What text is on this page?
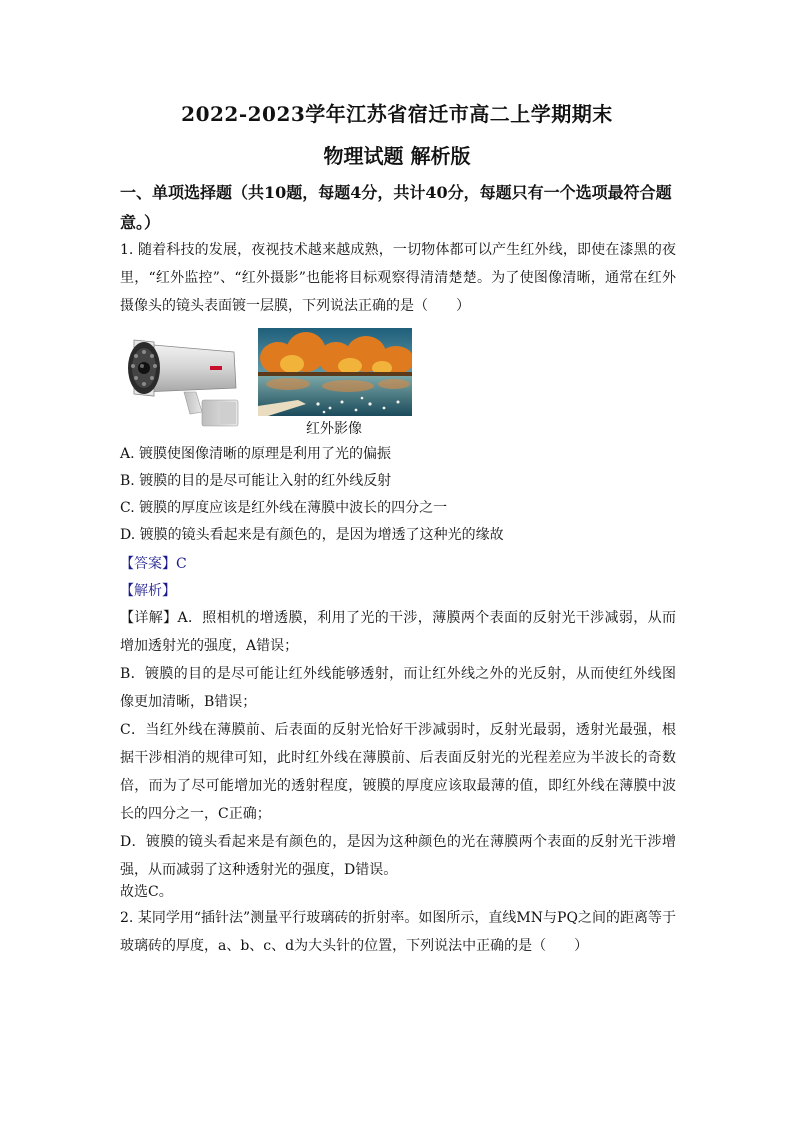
2022-2023学年江苏省宿迁市高二上学期期末
物理试题 解析版
一、单项选择题（共10题，每题4分，共计40分，每题只有一个选项最符合题意。）
1. 随着科技的发展，夜视技术越来越成熟，一切物体都可以产生红外线，即使在漆黑的夜里，“红外监控”、“红外摄影”也能将目标观察得清清楚楚。为了使图像清晰，通常在红外摄像头的镜头表面镀一层膜，下列说法正确的是（　　）
红外影像
A. 镀膜使图像清晰的原理是利用了光的偏振
B. 镀膜的目的是尽可能让入射的红外线反射
C. 镀膜的厚度应该是红外线在薄膜中波长的四分之一
D. 镀膜的镜头看起来是有颜色的，是因为增透了这种光的缘故
【答案】C
【解析】
【详解】A．照相机的增透膜，利用了光的干涉，薄膜两个表面的反射光干涉减弱，从而增加透射光的强度，A错误；
B．镀膜的目的是尽可能让红外线能够透射，而让红外线之外的光反射，从而使红外线图像更加清晰，B错误；
C．当红外线在薄膜前、后表面的反射光恰好干涉减弱时，反射光最弱，透射光最强，根据干涉相消的规律可知，此时红外线在薄膜前、后表面反射光的光程差应为半波长的奇数倍，而为了尽可能增加光的透射程度，镀膜的厚度应该取最薄的值，即红外线在薄膜中波长的四分之一，C正确；
D．镀膜的镜头看起来是有颜色的，是因为这种颜色的光在薄膜两个表面的反射光干涉增强，从而减弱了这种透射光的强度，D错误。
故选C。
2. 某同学用“插针法”测量平行玻璃砖的折射率。如图所示，直线MN与PQ之间的距离等于玻璃砖的厚度，a、b、c、d为大头针的位置，下列说法中正确的是（　　）
